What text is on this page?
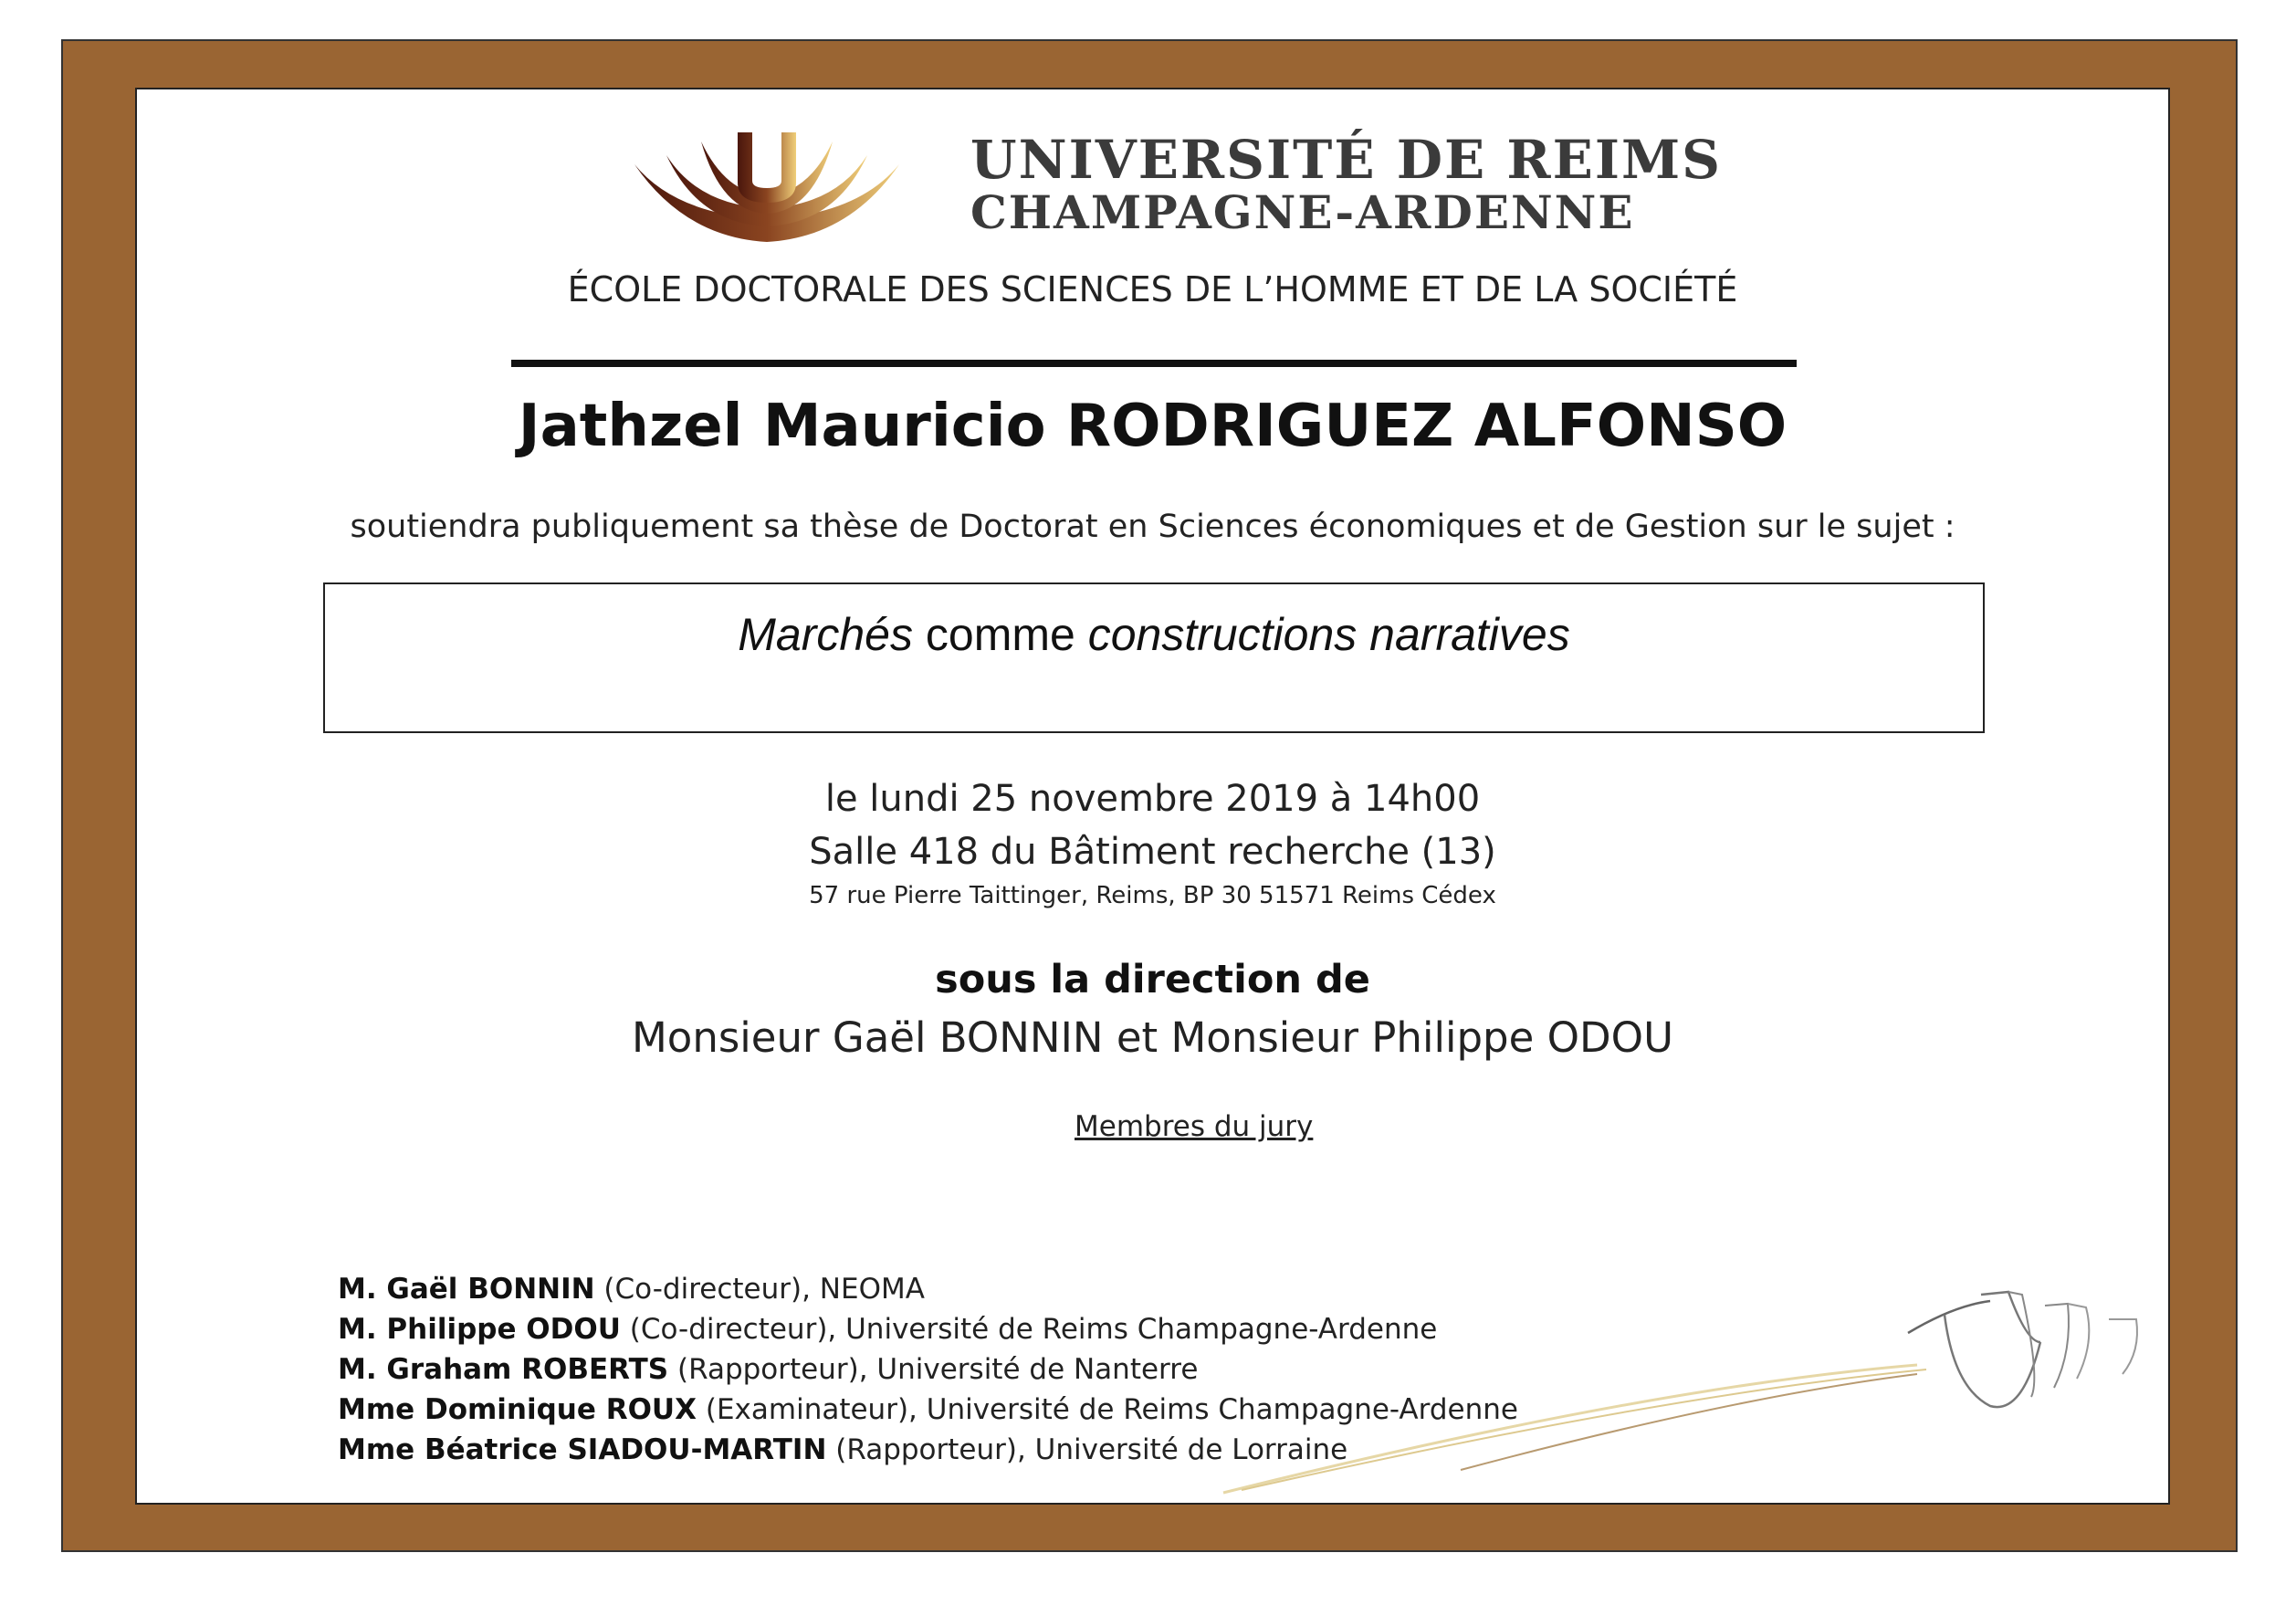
UNIVERSITÉ DE REIMS
CHAMPAGNE-ARDENNE
ÉCOLE DOCTORALE DES SCIENCES DE L’HOMME ET DE LA SOCIÉTÉ
Jathzel Mauricio RODRIGUEZ ALFONSO
soutiendra publiquement sa thèse de Doctorat en Sciences économiques et de Gestion sur le sujet :
Marchés comme constructions narratives
le lundi 25 novembre 2019 à 14h00
Salle 418 du Bâtiment recherche (13)
57 rue Pierre Taittinger, Reims, BP 30 51571 Reims Cédex
sous la direction de
Monsieur Gaël BONNIN et Monsieur Philippe ODOU
Membres du jury
M. Gaël BONNIN (Co-directeur), NEOMA
M. Philippe ODOU (Co-directeur), Université de Reims Champagne-Ardenne
M. Graham ROBERTS (Rapporteur), Université de Nanterre
Mme Dominique ROUX (Examinateur), Université de Reims Champagne-Ardenne
Mme Béatrice SIADOU-MARTIN (Rapporteur), Université de Lorraine
